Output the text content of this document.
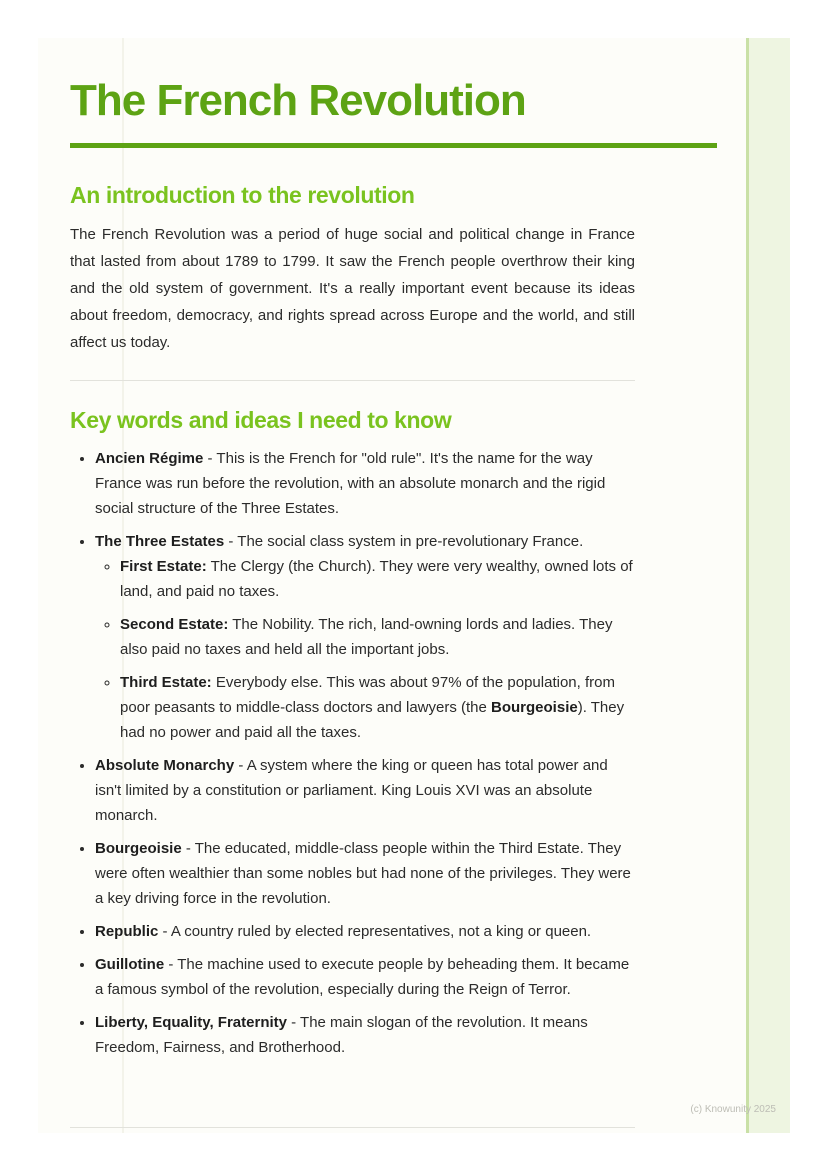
The French Revolution
An introduction to the revolution

The French Revolution was a period of huge social and political change in France that lasted from about 1789 to 1799. It saw the French people overthrow their king and the old system of government. It's a really important event because its ideas about freedom, democracy, and rights spread across Europe and the world, and still affect us today.

Key words and ideas I need to know
• Ancien Régime - This is the French for "old rule". It's the name for the way France was run before the revolution, with an absolute monarch and the rigid social structure of the Three Estates.
• The Three Estates - The social class system in pre-revolutionary France.
◦ First Estate: The Clergy (the Church). They were very wealthy, owned lots of land, and paid no taxes.
◦ Second Estate: The Nobility. The rich, land-owning lords and ladies. They also paid no taxes and held all the important jobs.
◦ Third Estate: Everybody else. This was about 97% of the population, from poor peasants to middle-class doctors and lawyers (the Bourgeoisie). They had no power and paid all the taxes.
• Absolute Monarchy - A system where the king or queen has total power and isn't limited by a constitution or parliament. King Louis XVI was an absolute monarch.
• Bourgeoisie - The educated, middle-class people within the Third Estate. They were often wealthier than some nobles but had none of the privileges. They were a key driving force in the revolution.
• Republic - A country ruled by elected representatives, not a king or queen.
• Guillotine - The machine used to execute people by beheading them. It became a famous symbol of the revolution, especially during the Reign of Terror.
• Liberty, Equality, Fraternity - The main slogan of the revolution. It means Freedom, Fairness, and Brotherhood.
(c) Knowunity 2025
